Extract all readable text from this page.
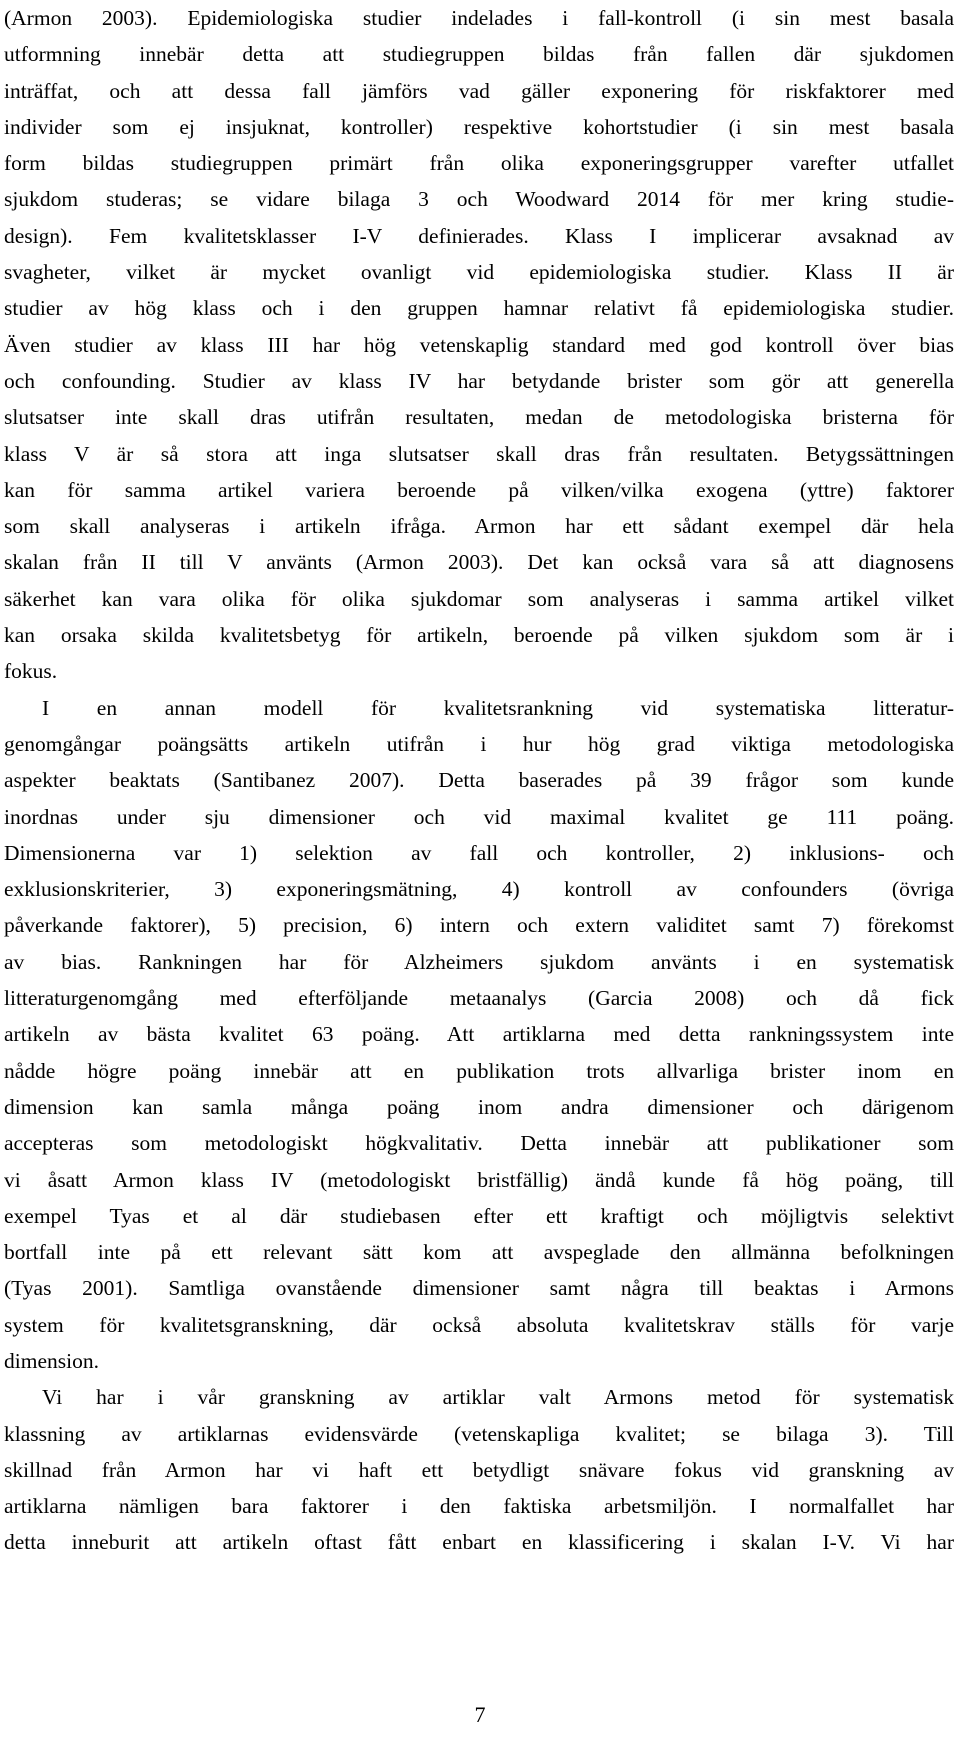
(Armon 2003). Epidemiologiska studier indelades i fall-kontroll (i sin mest basala
utformning innebär detta att studiegruppen bildas från fallen där sjukdomen
inträffat, och att dessa fall jämförs vad gäller exponering för riskfaktorer med
individer som ej insjuknat, kontroller) respektive kohortstudier (i sin mest basala
form bildas studiegruppen primärt från olika exponeringsgrupper varefter utfallet
sjukdom studeras; se vidare bilaga 3 och Woodward 2014 för mer kring studie-
design). Fem kvalitetsklasser I-V definierades. Klass I implicerar avsaknad av
svagheter, vilket är mycket ovanligt vid epidemiologiska studier. Klass II är
studier av hög klass och i den gruppen hamnar relativt få epidemiologiska studier.
Även studier av klass III har hög vetenskaplig standard med god kontroll över bias
och confounding. Studier av klass IV har betydande brister som gör att generella
slutsatser inte skall dras utifrån resultaten, medan de metodologiska bristerna för
klass V är så stora att inga slutsatser skall dras från resultaten. Betygssättningen
kan för samma artikel variera beroende på vilken/vilka exogena (yttre) faktorer
som skall analyseras i artikeln ifråga. Armon har ett sådant exempel där hela
skalan från II till V använts (Armon 2003). Det kan också vara så att diagnosens
säkerhet kan vara olika för olika sjukdomar som analyseras i samma artikel vilket
kan orsaka skilda kvalitetsbetyg för artikeln, beroende på vilken sjukdom som är i
fokus.
I en annan modell för kvalitetsrankning vid systematiska litteratur-
genomgångar poängsätts artikeln utifrån i hur hög grad viktiga metodologiska
aspekter beaktats (Santibanez 2007). Detta baserades på 39 frågor som kunde
inordnas under sju dimensioner och vid maximal kvalitet ge 111 poäng.
Dimensionerna var 1) selektion av fall och kontroller, 2) inklusions- och
exklusionskriterier, 3) exponeringsmätning, 4) kontroll av confounders (övriga
påverkande faktorer), 5) precision, 6) intern och extern validitet samt 7) förekomst
av bias. Rankningen har för Alzheimers sjukdom använts i en systematisk
litteraturgenomgång med efterföljande metaanalys (Garcia 2008) och då fick
artikeln av bästa kvalitet 63 poäng. Att artiklarna med detta rankningssystem inte
nådde högre poäng innebär att en publikation trots allvarliga brister inom en
dimension kan samla många poäng inom andra dimensioner och därigenom
accepteras som metodologiskt högkvalitativ. Detta innebär att publikationer som
vi åsatt Armon klass IV (metodologiskt bristfällig) ändå kunde få hög poäng, till
exempel Tyas et al där studiebasen efter ett kraftigt och möjligtvis selektivt
bortfall inte på ett relevant sätt kom att avspeglade den allmänna befolkningen
(Tyas 2001). Samtliga ovanstående dimensioner samt några till beaktas i Armons
system för kvalitetsgranskning, där också absoluta kvalitetskrav ställs för varje
dimension.
Vi har i vår granskning av artiklar valt Armons metod för systematisk
klassning av artiklarnas evidensvärde (vetenskapliga kvalitet; se bilaga 3). Till
skillnad från Armon har vi haft ett betydligt snävare fokus vid granskning av
artiklarna nämligen bara faktorer i den faktiska arbetsmiljön. I normalfallet har
detta inneburit att artikeln oftast fått enbart en klassificering i skalan I-V. Vi har
7
